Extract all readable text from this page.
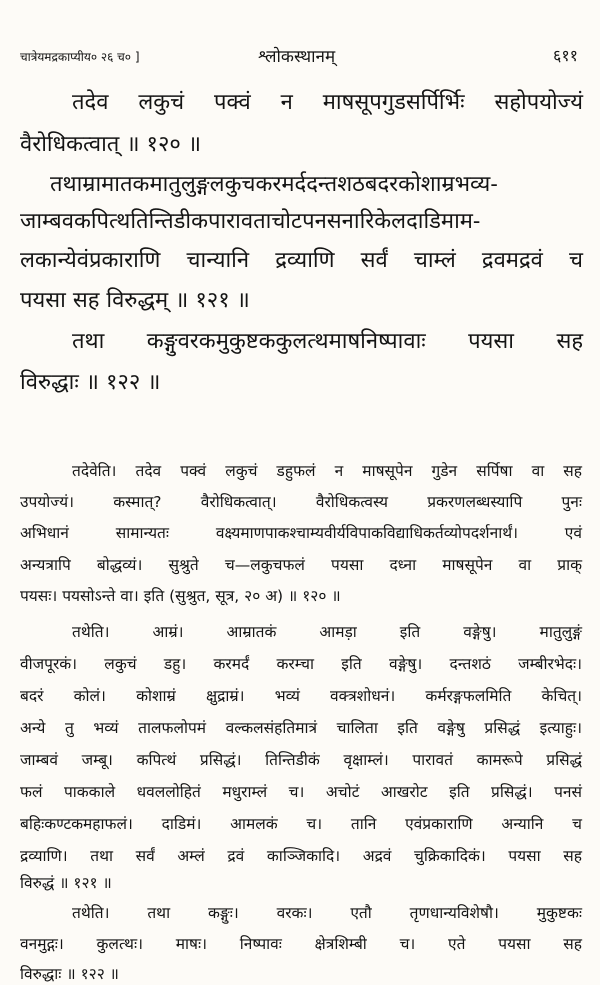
चात्रेयमद्रकाप्यीय० २६ च० ]	श्लोकस्थानम्	६११
तदेव लकुचं पक्वं न माषसूपगुडसर्पिर्भिः सहोपयोज्यं
वैरोधिकत्वात् ॥ १२० ॥
तथाम्रामातकमातुलुङ्गलकुचकरमर्ददन्तशठबदरकोशाम्रभव्य-
जाम्बवकपित्थतिन्तिडीकपारावताचोटपनसनारिकेलदाडिमाम-
लकान्येवंप्रकाराणि चान्यानि द्रव्याणि सर्वं चाम्लं द्रवमद्रवं च
पयसा सह विरुद्धम् ॥ १२१ ॥
तथा कङ्गुवरकमुकुष्टककुलत्थमाषनिष्पावाः पयसा सह
विरुद्धाः ॥ १२२ ॥
तदेवेति। तदेव पक्वं लकुचं डहुफलं न माषसूपेन गुडेन सर्पिषा वा सह
उपयोज्यं। कस्मात्? वैरोधिकत्वात्। वैरोधिकत्वस्य प्रकरणलब्धस्यापि पुनः
अभिधानं सामान्यतः वक्ष्यमाणपाकश्चाम्यवीर्यविपाकविद्याधिकर्तव्योपदर्शनार्थं। एवं
अन्यत्रापि बोद्धव्यं। सुश्रुते च—लकुचफलं पयसा दध्ना माषसूपेन वा प्राक्
पयसः। पयसोऽन्ते वा। इति (सुश्रुत, सूत्र, २० अ) ॥ १२० ॥
तथेति। आम्रं। आम्रातकं आमड़ा इति वङ्गेषु। मातुलुङ्गं
वीजपूरकं। लकुचं डहु। करमर्दं करम्चा इति वङ्गेषु। दन्तशठं जम्बीरभेदः।
बदरं कोलं। कोशाम्रं क्षुद्राम्रं। भव्यं वक्त्रशोधनं। कर्मरङ्गफलमिति केचित्।
अन्ये तु भव्यं तालफलोपमं वल्कलसंहतिमात्रं चालिता इति वङ्गेषु प्रसिद्धं इत्याहुः।
जाम्बवं जम्बू। कपित्थं प्रसिद्धं। तिन्तिडीकं वृक्षाम्लं। पारावतं कामरूपे प्रसिद्धं
फलं पाककाले धवललोहितं मधुराम्लं च। अचोटं आखरोट इति प्रसिद्धं। पनसं
बहिःकण्टकमहाफलं। दाडिमं। आमलकं च। तानि एवंप्रकाराणि अन्यानि च
द्रव्याणि। तथा सर्वं अम्लं द्रवं काञ्जिकादि। अद्रवं चुक्रिकादिकं। पयसा सह
विरुद्धं ॥ १२१ ॥
तथेति। तथा कङ्गुः। वरकः। एतौ तृणधान्यविशेषौ। मुकुष्टकः
वनमुद्गः। कुलत्थः। माषः। निष्पावः क्षेत्रशिम्बी च। एते पयसा सह
विरुद्धाः ॥ १२२ ॥
